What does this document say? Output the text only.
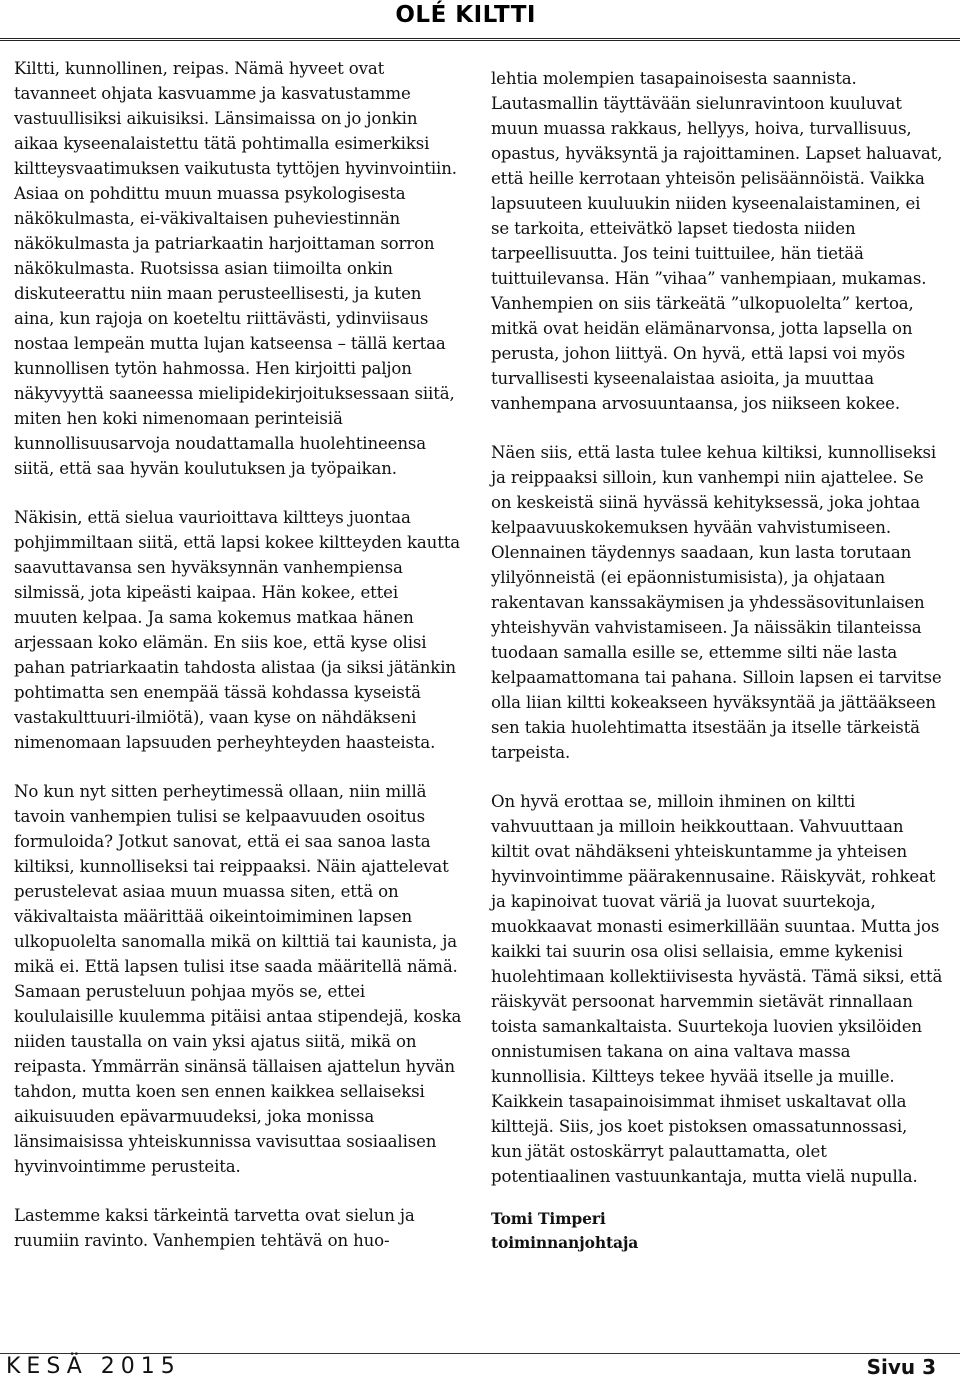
OLÉ KILTTI

Kiltti, kunnollinen, reipas. Nämä hyveet ovat tavanneet ohjata kasvuamme ja kasvatustamme vastuullisiksi aikuisiksi. Länsimaissa on jo jonkin aikaa kyseenalaistettu tätä pohtimalla esimerkiksi kiltteysvaatimuksen vaikutusta tyttöjen hyvinvointiin. Asiaa on pohdittu muun muassa psykologisesta näkökulmasta, ei-väkivaltaisen puheviestinnän näkökulmasta ja patriarkaatin harjoittaman sorron näkökulmasta. Ruotsissa asian tiimoilta onkin diskuteerattu niin maan perusteellisesti, ja kuten aina, kun rajoja on koeteltu riittävästi, ydinviisaus nostaa lempeän mutta lujan katseensa – tällä kertaa kunnollisen tytön hahmossa. Hen kirjoitti paljon näkyvyyttä saaneessa mielipidekirjoituksessaan siitä, miten hen koki nimenomaan perinteisiä kunnollisuusarvoja noudattamalla huolehtineensa siitä, että saa hyvän koulutuksen ja työpaikan.

Näkisin, että sielua vaurioittava kiltteys juontaa pohjimmiltaan siitä, että lapsi kokee kiltteyden kautta saavuttavansa sen hyväksynnän vanhempiensa silmissä, jota kipeästi kaipaa. Hän kokee, ettei muuten kelpaa. Ja sama kokemus matkaa hänen arjessaan koko elämän. En siis koe, että kyse olisi pahan patriarkaatin tahdosta alistaa (ja siksi jätänkin pohtimatta sen enempää tässä kohdassa kyseistä vastakulttuuri-ilmiötä), vaan kyse on nähdäkseni nimenomaan lapsuuden perheyhteyden haasteista.

No kun nyt sitten perheytimessä ollaan, niin millä tavoin vanhempien tulisi se kelpaavuuden osoitus formuloida? Jotkut sanovat, että ei saa sanoa lasta kiltiksi, kunnolliseksi tai reippaaksi. Näin ajattelevat perustelevat asiaa muun muassa siten, että on väkivaltaista määrittää oikeintoimiminen lapsen ulkopuolelta sanomalla mikä on kilttiä tai kaunista, ja mikä ei. Että lapsen tulisi itse saada määritellä nämä. Samaan perusteluun pohjaa myös se, ettei koululaisille kuulemma pitäisi antaa stipendejä, koska niiden taustalla on vain yksi ajatus siitä, mikä on reipasta. Ymmärrän sinänsä tällaisen ajattelun hyvän tahdon, mutta koen sen ennen kaikkea sellaiseksi aikuisuuden epävarmuudeksi, joka monissa länsimaisissa yhteiskunnissa vavisuttaa sosiaalisen hyvinvointimme perusteita.

Lastemme kaksi tärkeintä tarvetta ovat sielun ja ruumiin ravinto. Vanhempien tehtävä on huo-

lehtia molempien tasapainoisesta saannista. Lautasmallin täyttävään sielunravintoon kuuluvat muun muassa rakkaus, hellyys, hoiva, turvallisuus, opastus, hyväksyntä ja rajoittaminen. Lapset haluavat, että heille kerrotaan yhteisön pelisäännöistä. Vaikka lapsuuteen kuuluukin niiden kyseenalaistaminen, ei se tarkoita, etteivätkö lapset tiedosta niiden tarpeellisuutta. Jos teini tuittuilee, hän tietää tuittuilevansa. Hän ”vihaa” vanhempiaan, mukamas. Vanhempien on siis tärkeätä ”ulkopuolelta” kertoa, mitkä ovat heidän elämänarvonsa, jotta lapsella on perusta, johon liittyä. On hyvä, että lapsi voi myös turvallisesti kyseenalaistaa asioita, ja muuttaa vanhempana arvosuuntaansa, jos niikseen kokee.

Näen siis, että lasta tulee kehua kiltiksi, kunnolliseksi ja reippaaksi silloin, kun vanhempi niin ajattelee. Se on keskeistä siinä hyvässä kehityksessä, joka johtaa kelpaavuuskokemuksen hyvään vahvistumiseen. Olennainen täydennys saadaan, kun lasta torutaan ylilyönneistä (ei epäonnistumisista), ja ohjataan rakentavan kanssakäymisen ja yhdessäsovitunlaisen yhteishyvän vahvistamiseen. Ja näissäkin tilanteissa tuodaan samalla esille se, ettemme silti näe lasta kelpaamattomana tai pahana. Silloin lapsen ei tarvitse olla liian kiltti kokeakseen hyväksyntää ja jättääkseen sen takia huolehtimatta itsestään ja itselle tärkeistä tarpeista.

On hyvä erottaa se, milloin ihminen on kiltti vahvuuttaan ja milloin heikkouttaan. Vahvuuttaan kiltit ovat nähdäkseni yhteiskuntamme ja yhteisen hyvinvointimme päärakennusaine. Räiskyvät, rohkeat ja kapinoivat tuovat väriä ja luovat suurtekoja, muokkaavat monasti esimerkillään suuntaa. Mutta jos kaikki tai suurin osa olisi sellaisia, emme kykenisi huolehtimaan kollektiivisesta hyvästä. Tämä siksi, että räiskyvät persoonat harvemmin sietävät rinnallaan toista samankaltaista. Suurtekoja luovien yksilöiden onnistumisen takana on aina valtava massa kunnollisia. Kiltteys tekee hyvää itselle ja muille. Kaikkein tasapainoisimmat ihmiset uskaltavat olla kilttejä. Siis, jos koet pistoksen omassatunnossasi, kun jätät ostoskärryt palauttamatta, olet potentiaalinen vastuunkantaja, mutta vielä nupulla.

Tomi Timperi
toiminnanjohtaja
KESÄ 2015	Sivu 3
